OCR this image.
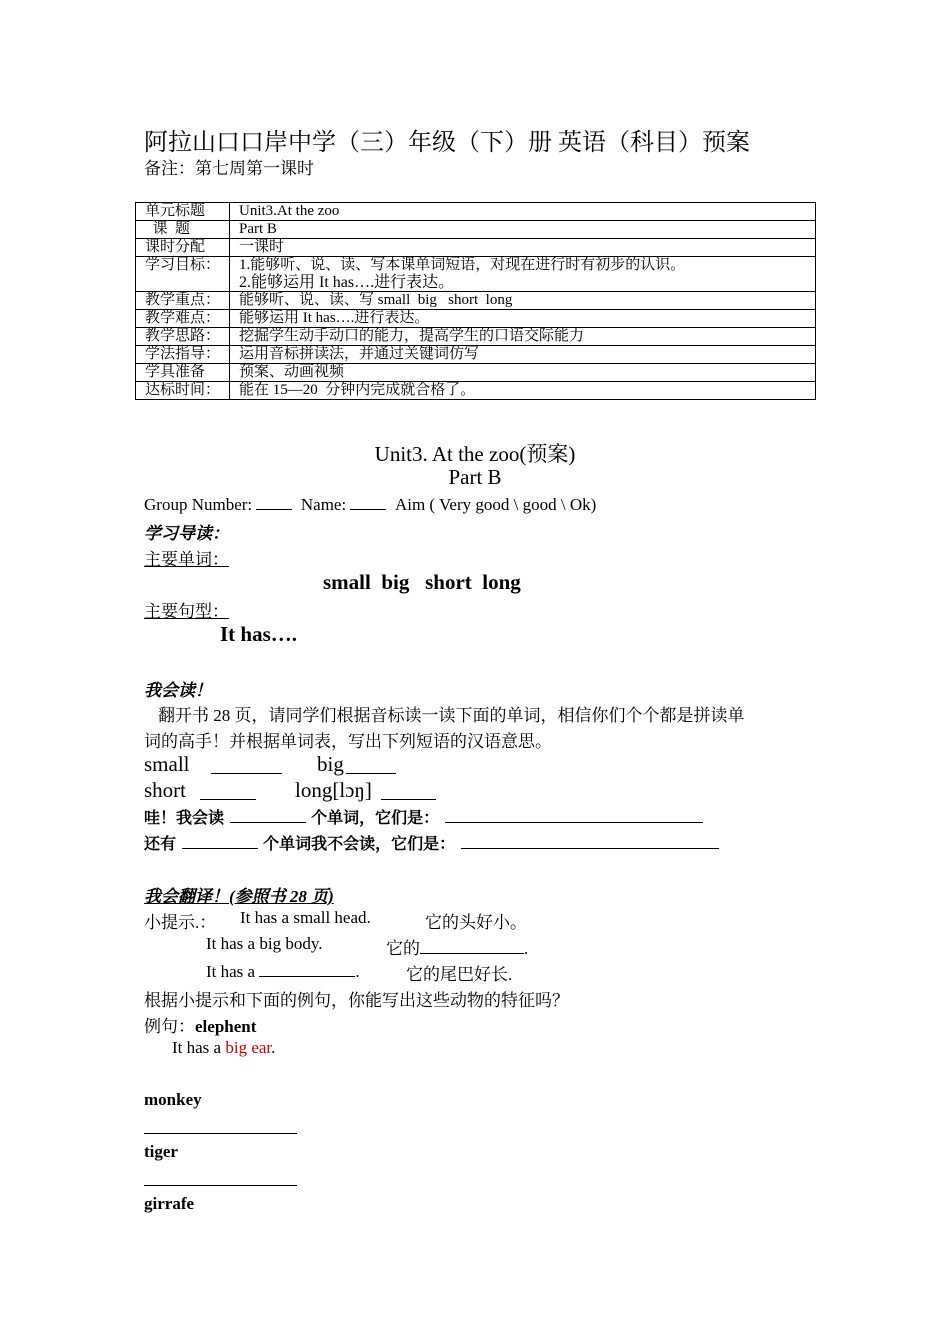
阿拉山口口岸中学（三）年级（下）册 英语（科目）预案
备注：第七周第一课时
单元标题	Unit3.At the zoo

课  题	Part B

课时分配	一课时

学习目标：	1.能够听、说、读、写本课单词短语，对现在进行时有初步的认识。
2.能够运用 It has….进行表达。

教学重点：	能够听、说、读、写 small  big   short  long

教学难点：	能够运用 It has….进行表达。

教学思路：	挖掘学生动手动口的能力，提高学生的口语交际能力

学法指导：	运用音标拼读法，并通过关键词仿写

学具准备	预案、动画视频

达标时间：	能在 15—20  分钟内完成就合格了。
Unit3. At the zoo(预案)
Part B
Group Number:	Name:	Aim ( Very good \ good \ Ok)
学习导读：
主要单词：
small  big   short  long
主要句型：
It has….
我会读！
翻开书 28 页，请同学们根据音标读一读下面的单词，相信你们个个都是拼读单
词的高手！并根据单词表，写出下列短语的汉语意思。
small	big
short	long[lɔŋ]
哇！我会读	个单词，它们是：
还有	个单词我不会读，它们是：
我会翻译！(参照书 28 页)
小提示.： It has a small head.	它的头好小。
It has a big body.	它的	.
It has a	.	它的尾巴好长.
根据小提示和下面的例句，你能写出这些动物的特征吗？
例句：elephent
It has a big ear.
monkey
tiger
girrafe
